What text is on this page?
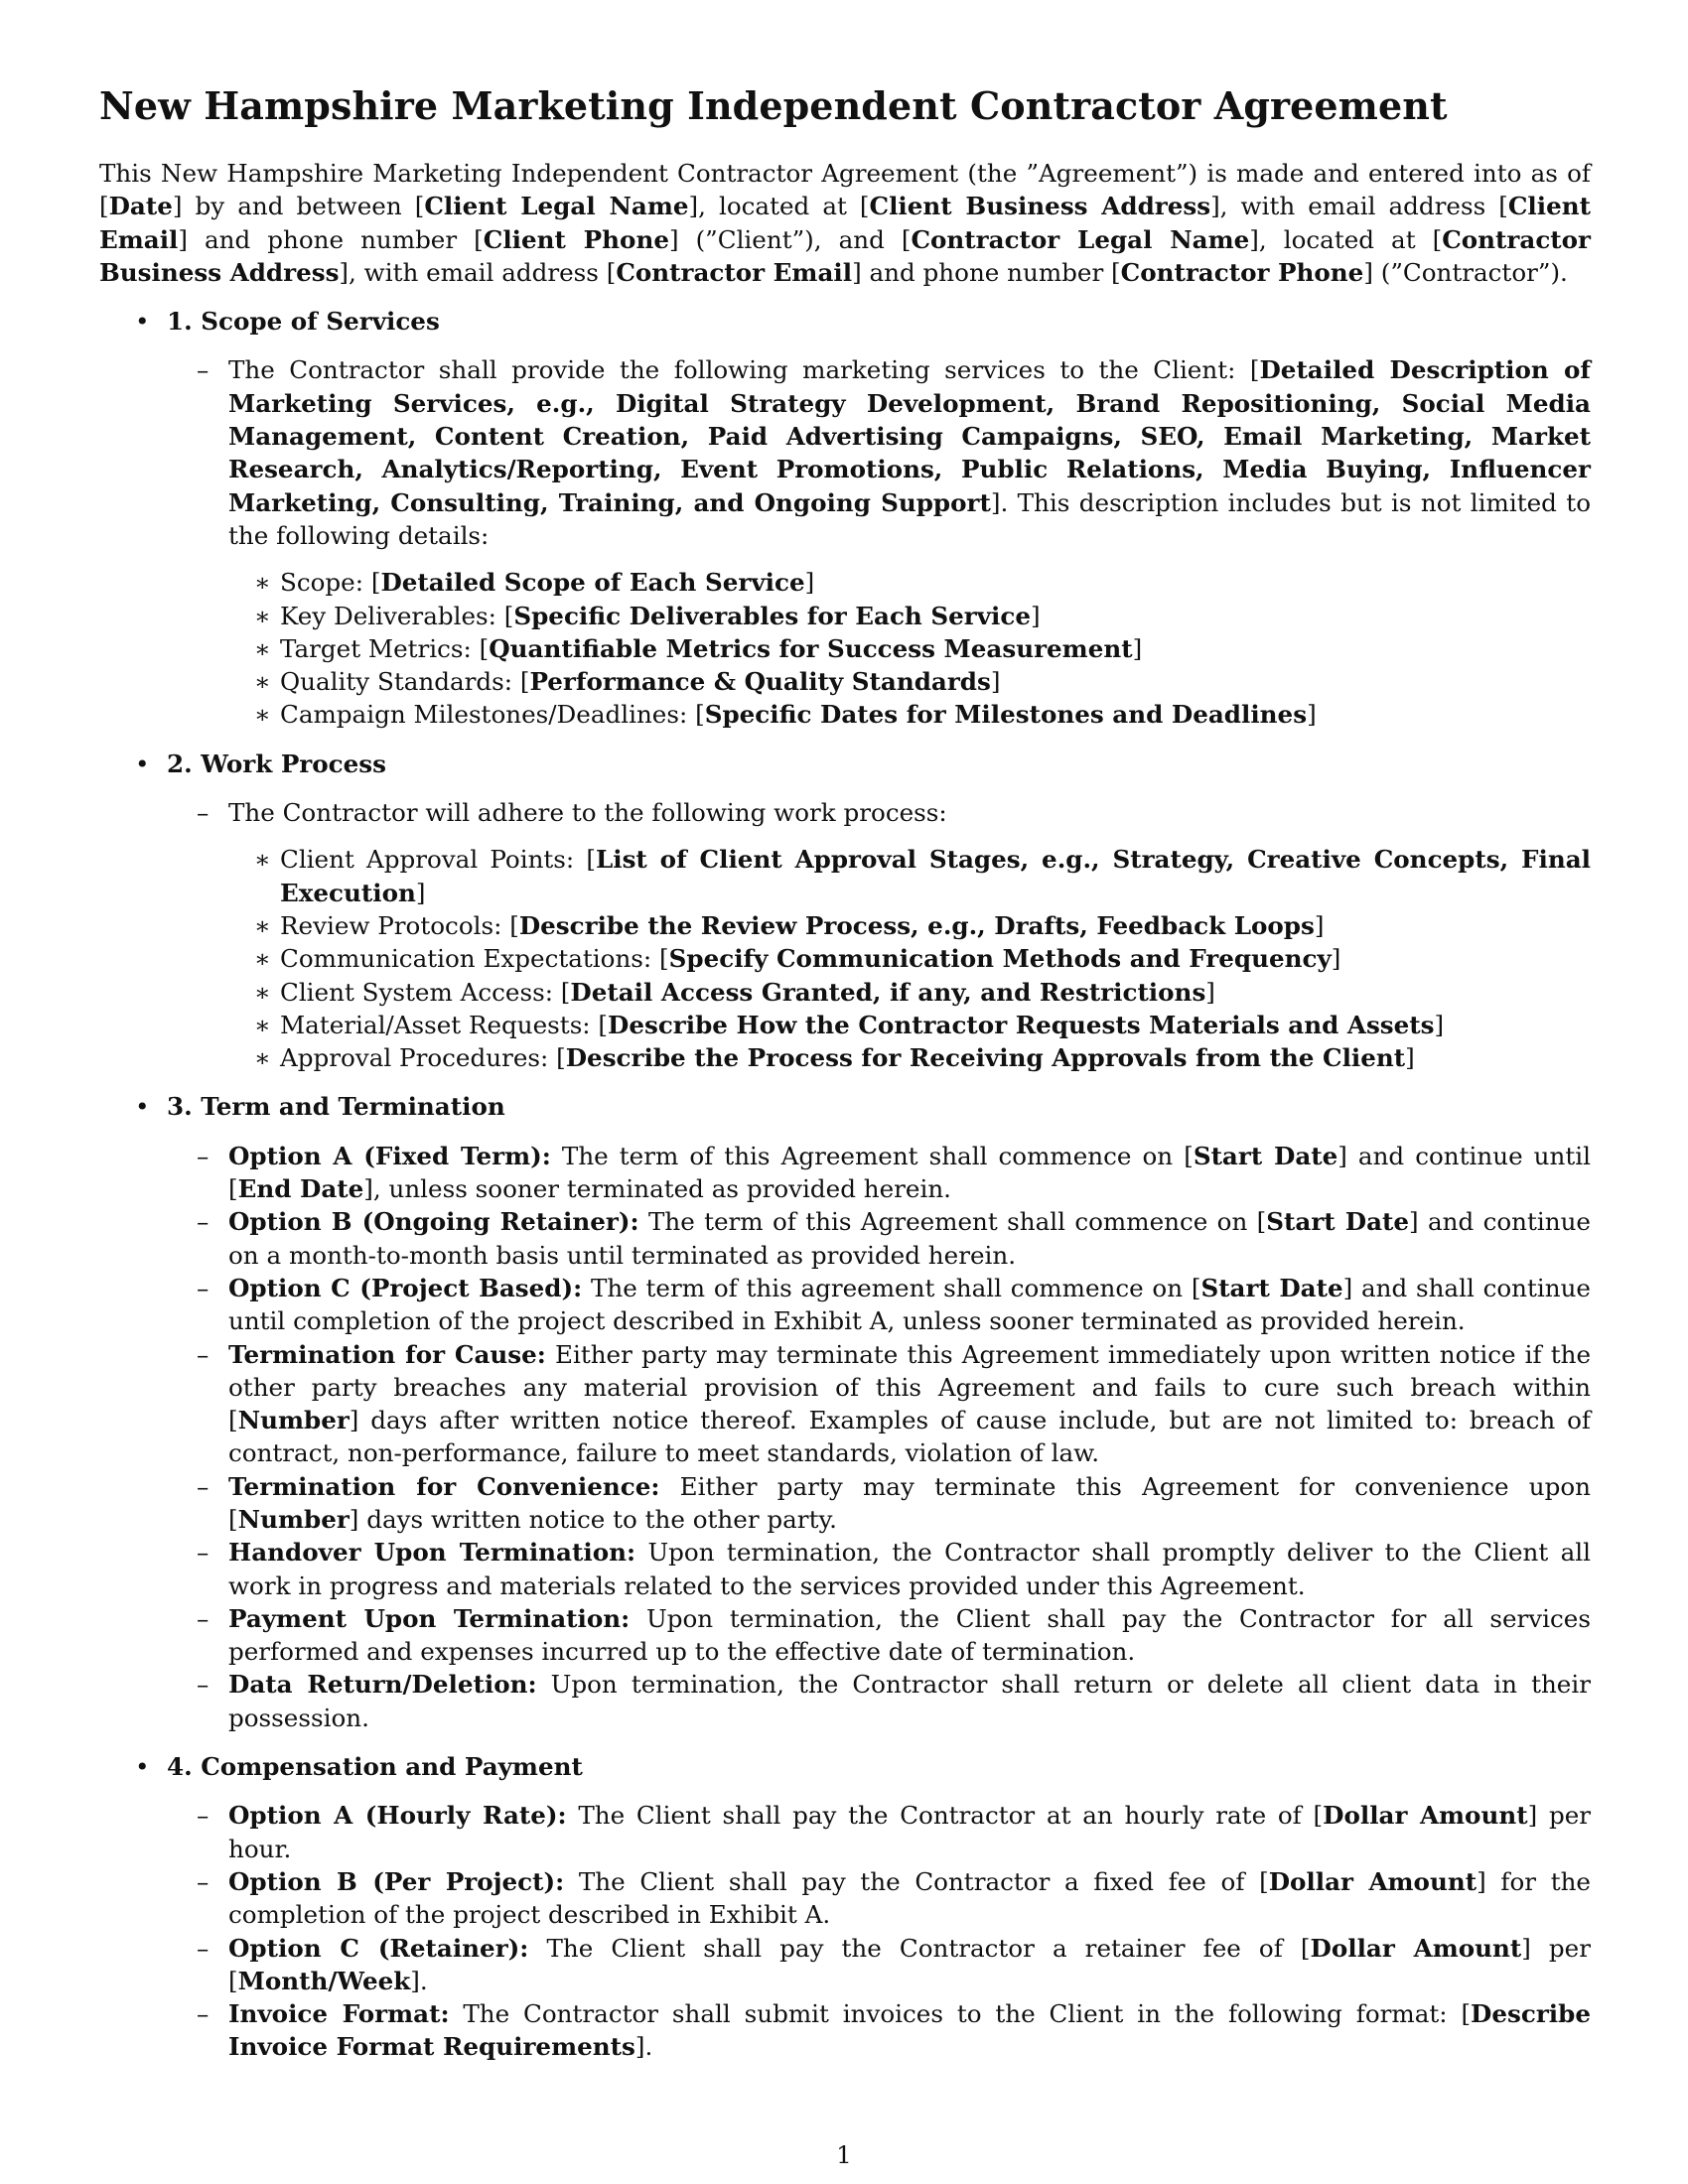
New Hampshire Marketing Independent Contractor Agreement

This New Hampshire Marketing Independent Contractor Agreement (the ”Agreement”) is made and entered into as of [Date] by and between [Client Legal Name], located at [Client Business Address], with email address [Client Email] and phone number [Client Phone] (”Client”), and [Contractor Legal Name], located at [Contractor Business Address], with email address [Contractor Email] and phone number [Contractor Phone] (”Contractor”).

• 1. Scope of Services
– The Contractor shall provide the following marketing services to the Client: [Detailed Description of Marketing Services, e.g., Digital Strategy Development, Brand Repositioning, Social Media Management, Content Creation, Paid Advertising Campaigns, SEO, Email Marketing, Market Research, Analytics/Reporting, Event Promotions, Public Relations, Media Buying, Influencer Marketing, Consulting, Training, and Ongoing Support]. This description includes but is not limited to the following details:
∗ Scope: [Detailed Scope of Each Service]
∗ Key Deliverables: [Specific Deliverables for Each Service]
∗ Target Metrics: [Quantifiable Metrics for Success Measurement]
∗ Quality Standards: [Performance & Quality Standards]
∗ Campaign Milestones/Deadlines: [Specific Dates for Milestones and Deadlines]
• 2. Work Process
– The Contractor will adhere to the following work process:
∗ Client Approval Points: [List of Client Approval Stages, e.g., Strategy, Creative Concepts, Final Execution]
∗ Review Protocols: [Describe the Review Process, e.g., Drafts, Feedback Loops]
∗ Communication Expectations: [Specify Communication Methods and Frequency]
∗ Client System Access: [Detail Access Granted, if any, and Restrictions]
∗ Material/Asset Requests: [Describe How the Contractor Requests Materials and Assets]
∗ Approval Procedures: [Describe the Process for Receiving Approvals from the Client]
• 3. Term and Termination
– Option A (Fixed Term): The term of this Agreement shall commence on [Start Date] and continue until [End Date], unless sooner terminated as provided herein.
– Option B (Ongoing Retainer): The term of this Agreement shall commence on [Start Date] and continue on a month-to-month basis until terminated as provided herein.
– Option C (Project Based): The term of this agreement shall commence on [Start Date] and shall continue until completion of the project described in Exhibit A, unless sooner terminated as provided herein.
– Termination for Cause: Either party may terminate this Agreement immediately upon written notice if the other party breaches any material provision of this Agreement and fails to cure such breach within [Number] days after written notice thereof. Examples of cause include, but are not limited to: breach of contract, non-performance, failure to meet standards, violation of law.
– Termination for Convenience: Either party may terminate this Agreement for convenience upon [Number] days written notice to the other party.
– Handover Upon Termination: Upon termination, the Contractor shall promptly deliver to the Client all work in progress and materials related to the services provided under this Agreement.
– Payment Upon Termination: Upon termination, the Client shall pay the Contractor for all services performed and expenses incurred up to the effective date of termination.
– Data Return/Deletion: Upon termination, the Contractor shall return or delete all client data in their possession.
• 4. Compensation and Payment
– Option A (Hourly Rate): The Client shall pay the Contractor at an hourly rate of [Dollar Amount] per hour.
– Option B (Per Project): The Client shall pay the Contractor a fixed fee of [Dollar Amount] for the completion of the project described in Exhibit A.
– Option C (Retainer): The Client shall pay the Contractor a retainer fee of [Dollar Amount] per [Month/Week].
– Invoice Format: The Contractor shall submit invoices to the Client in the following format: [Describe Invoice Format Requirements].
1
